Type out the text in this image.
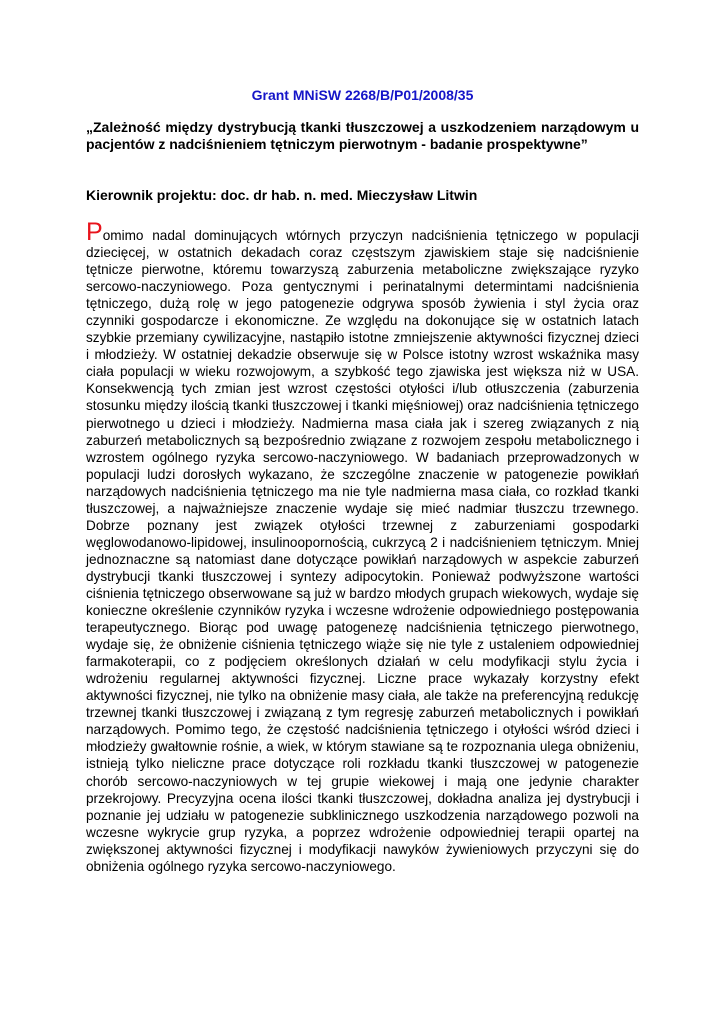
Grant MNiSW 2268/B/P01/2008/35
„Zależność między dystrybucją tkanki tłuszczowej a uszkodzeniem narządowym u pacjentów z nadciśnieniem tętniczym pierwotnym - badanie prospektywne”
Kierownik projektu: doc. dr hab. n. med. Mieczysław Litwin
Pomimo nadal dominujących wtórnych przyczyn nadciśnienia tętniczego w populacji dziecięcej, w ostatnich dekadach coraz częstszym zjawiskiem staje się nadciśnienie tętnicze pierwotne, któremu towarzyszą zaburzenia metaboliczne zwiększające ryzyko sercowo-naczyniowego. Poza gentycznymi i perinatalnymi determintami nadciśnienia tętniczego, dużą rolę w jego patogenezie odgrywa sposób żywienia i styl życia oraz czynniki gospodarcze i ekonomiczne. Ze względu na dokonujące się w ostatnich latach szybkie przemiany cywilizacyjne, nastąpiło istotne zmniejszenie aktywności fizycznej dzieci i młodzieży. W ostatniej dekadzie obserwuje się w Polsce istotny wzrost wskaźnika masy ciała populacji w wieku rozwojowym, a szybkość tego zjawiska jest większa niż w USA. Konsekwencją tych zmian jest wzrost częstości otyłości i/lub otłuszczenia (zaburzenia stosunku między ilością tkanki tłuszczowej i tkanki mięśniowej) oraz nadciśnienia tętniczego pierwotnego u dzieci i młodzieży. Nadmierna masa ciała jak i szereg związanych z nią zaburzeń metabolicznych są bezpośrednio związane z rozwojem zespołu metabolicznego i wzrostem ogólnego ryzyka sercowo-naczyniowego. W badaniach przeprowadzonych w populacji ludzi dorosłych wykazano, że szczególne znaczenie w patogenezie powikłań narządowych nadciśnienia tętniczego ma nie tyle nadmierna masa ciała, co rozkład tkanki tłuszczowej, a najważniejsze znaczenie wydaje się mieć nadmiar tłuszczu trzewnego. Dobrze poznany jest związek otyłości trzewnej z zaburzeniami gospodarki węglowodanowo-lipidowej, insulinoopornością, cukrzycą 2 i nadciśnieniem tętniczym. Mniej jednoznaczne są natomiast dane dotyczące powikłań narządowych w aspekcie zaburzeń dystrybucji tkanki tłuszczowej i syntezy adipocytokin. Ponieważ podwyższone wartości ciśnienia tętniczego obserwowane są już w bardzo młodych grupach wiekowych, wydaje się konieczne określenie czynników ryzyka i wczesne wdrożenie odpowiedniego postępowania terapeutycznego. Biorąc pod uwagę patogenezę nadciśnienia tętniczego pierwotnego, wydaje się, że obniżenie ciśnienia tętniczego wiąże się nie tyle z ustaleniem odpowiedniej farmakoterapii, co z podjęciem określonych działań w celu modyfikacji stylu życia i wdrożeniu regularnej aktywności fizycznej. Liczne prace wykazały korzystny efekt aktywności fizycznej, nie tylko na obniżenie masy ciała, ale także na preferencyjną redukcję trzewnej tkanki tłuszczowej i związaną z tym regresję zaburzeń metabolicznych i powikłań narządowych. Pomimo tego, że częstość nadciśnienia tętniczego i otyłości wśród dzieci i młodzieży gwałtownie rośnie, a wiek, w którym stawiane są te rozpoznania ulega obniżeniu, istnieją tylko nieliczne prace dotyczące roli rozkładu tkanki tłuszczowej w patogenezie chorób sercowo-naczyniowych w tej grupie wiekowej i mają one jedynie charakter przekrojowy. Precyzyjna ocena ilości tkanki tłuszczowej, dokładna analiza jej dystrybucji i poznanie jej udziału w patogenezie subklinicznego uszkodzenia narządowego pozwoli na wczesne wykrycie grup ryzyka, a poprzez wdrożenie odpowiedniej terapii opartej na zwiększonej aktywności fizycznej i modyfikacji nawyków żywieniowych przyczyni się do obniżenia ogólnego ryzyka sercowo-naczyniowego.
